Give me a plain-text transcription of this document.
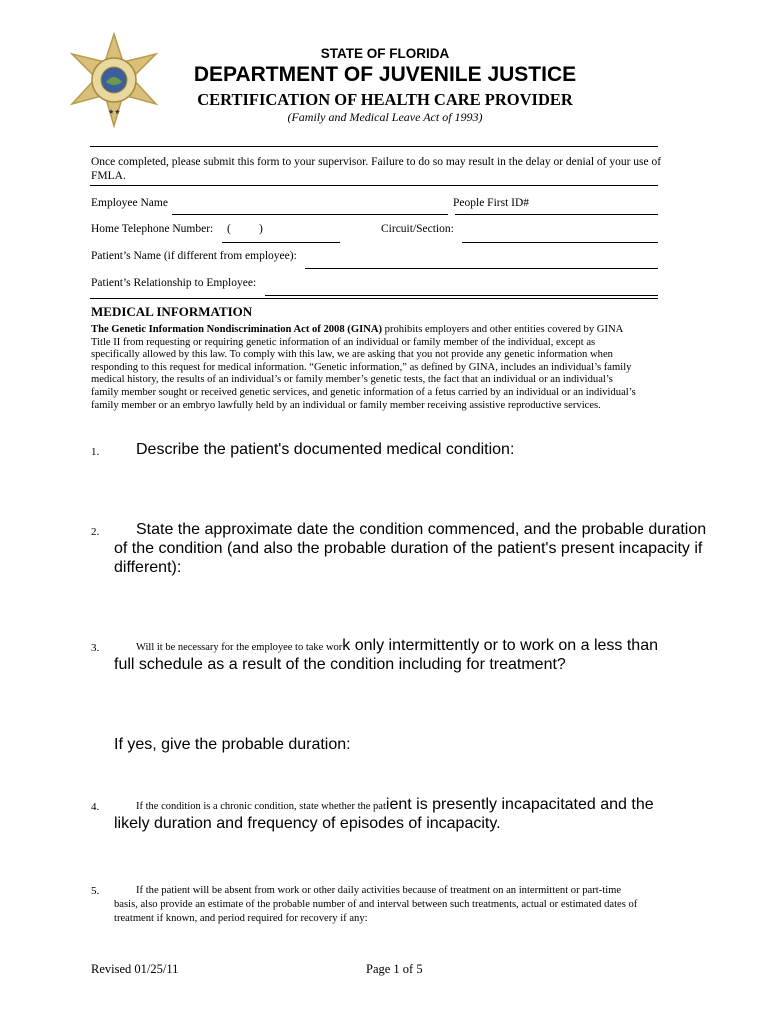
★★
STATE OF FLORIDA
DEPARTMENT OF JUVENILE JUSTICE
CERTIFICATION OF HEALTH CARE PROVIDER
(Family and Medical Leave Act of 1993)
Once completed, please submit this form to your supervisor. Failure to do so may result in the delay or denial of your use of
FMLA.
Employee Name	People First ID#
Home Telephone Number: ( )	Circuit/Section:
Patient’s Name (if different from employee):
Patient’s Relationship to Employee:
MEDICAL INFORMATION
The Genetic Information Nondiscrimination Act of 2008 (GINA) prohibits employers and other entities covered by GINA
Title II from requesting or requiring genetic information of an individual or family member of the individual, except as
specifically allowed by this law. To comply with this law, we are asking that you not provide any genetic information when
responding to this request for medical information. “Genetic information,” as defined by GINA, includes an individual’s family
medical history, the results of an individual’s or family member’s genetic tests, the fact that an individual or an individual’s
family member sought or received genetic services, and genetic information of a fetus carried by an individual or an individual’s
family member or an embryo lawfully held by an individual or family member receiving assistive reproductive services.
1. Describe the patient's documented medical condition:
2. State the approximate date the condition commenced, and the probable duration
of the condition (and also the probable duration of the patient's present incapacity if
different):
3.	Will it be necessary for the employee to take work only intermittently or to work on a less than
full schedule as a result of the condition including for treatment?
If yes, give the probable duration:
4.	If the condition is a chronic condition, state whether the patient is presently incapacitated and the
likely duration and frequency of episodes of incapacity.
5.	If the patient will be absent from work or other daily activities because of treatment on an intermittent or part-time
basis, also provide an estimate of the probable number of and interval between such treatments, actual or estimated dates of
treatment if known, and period required for recovery if any:
Revised 01/25/11	Page 1 of 5
